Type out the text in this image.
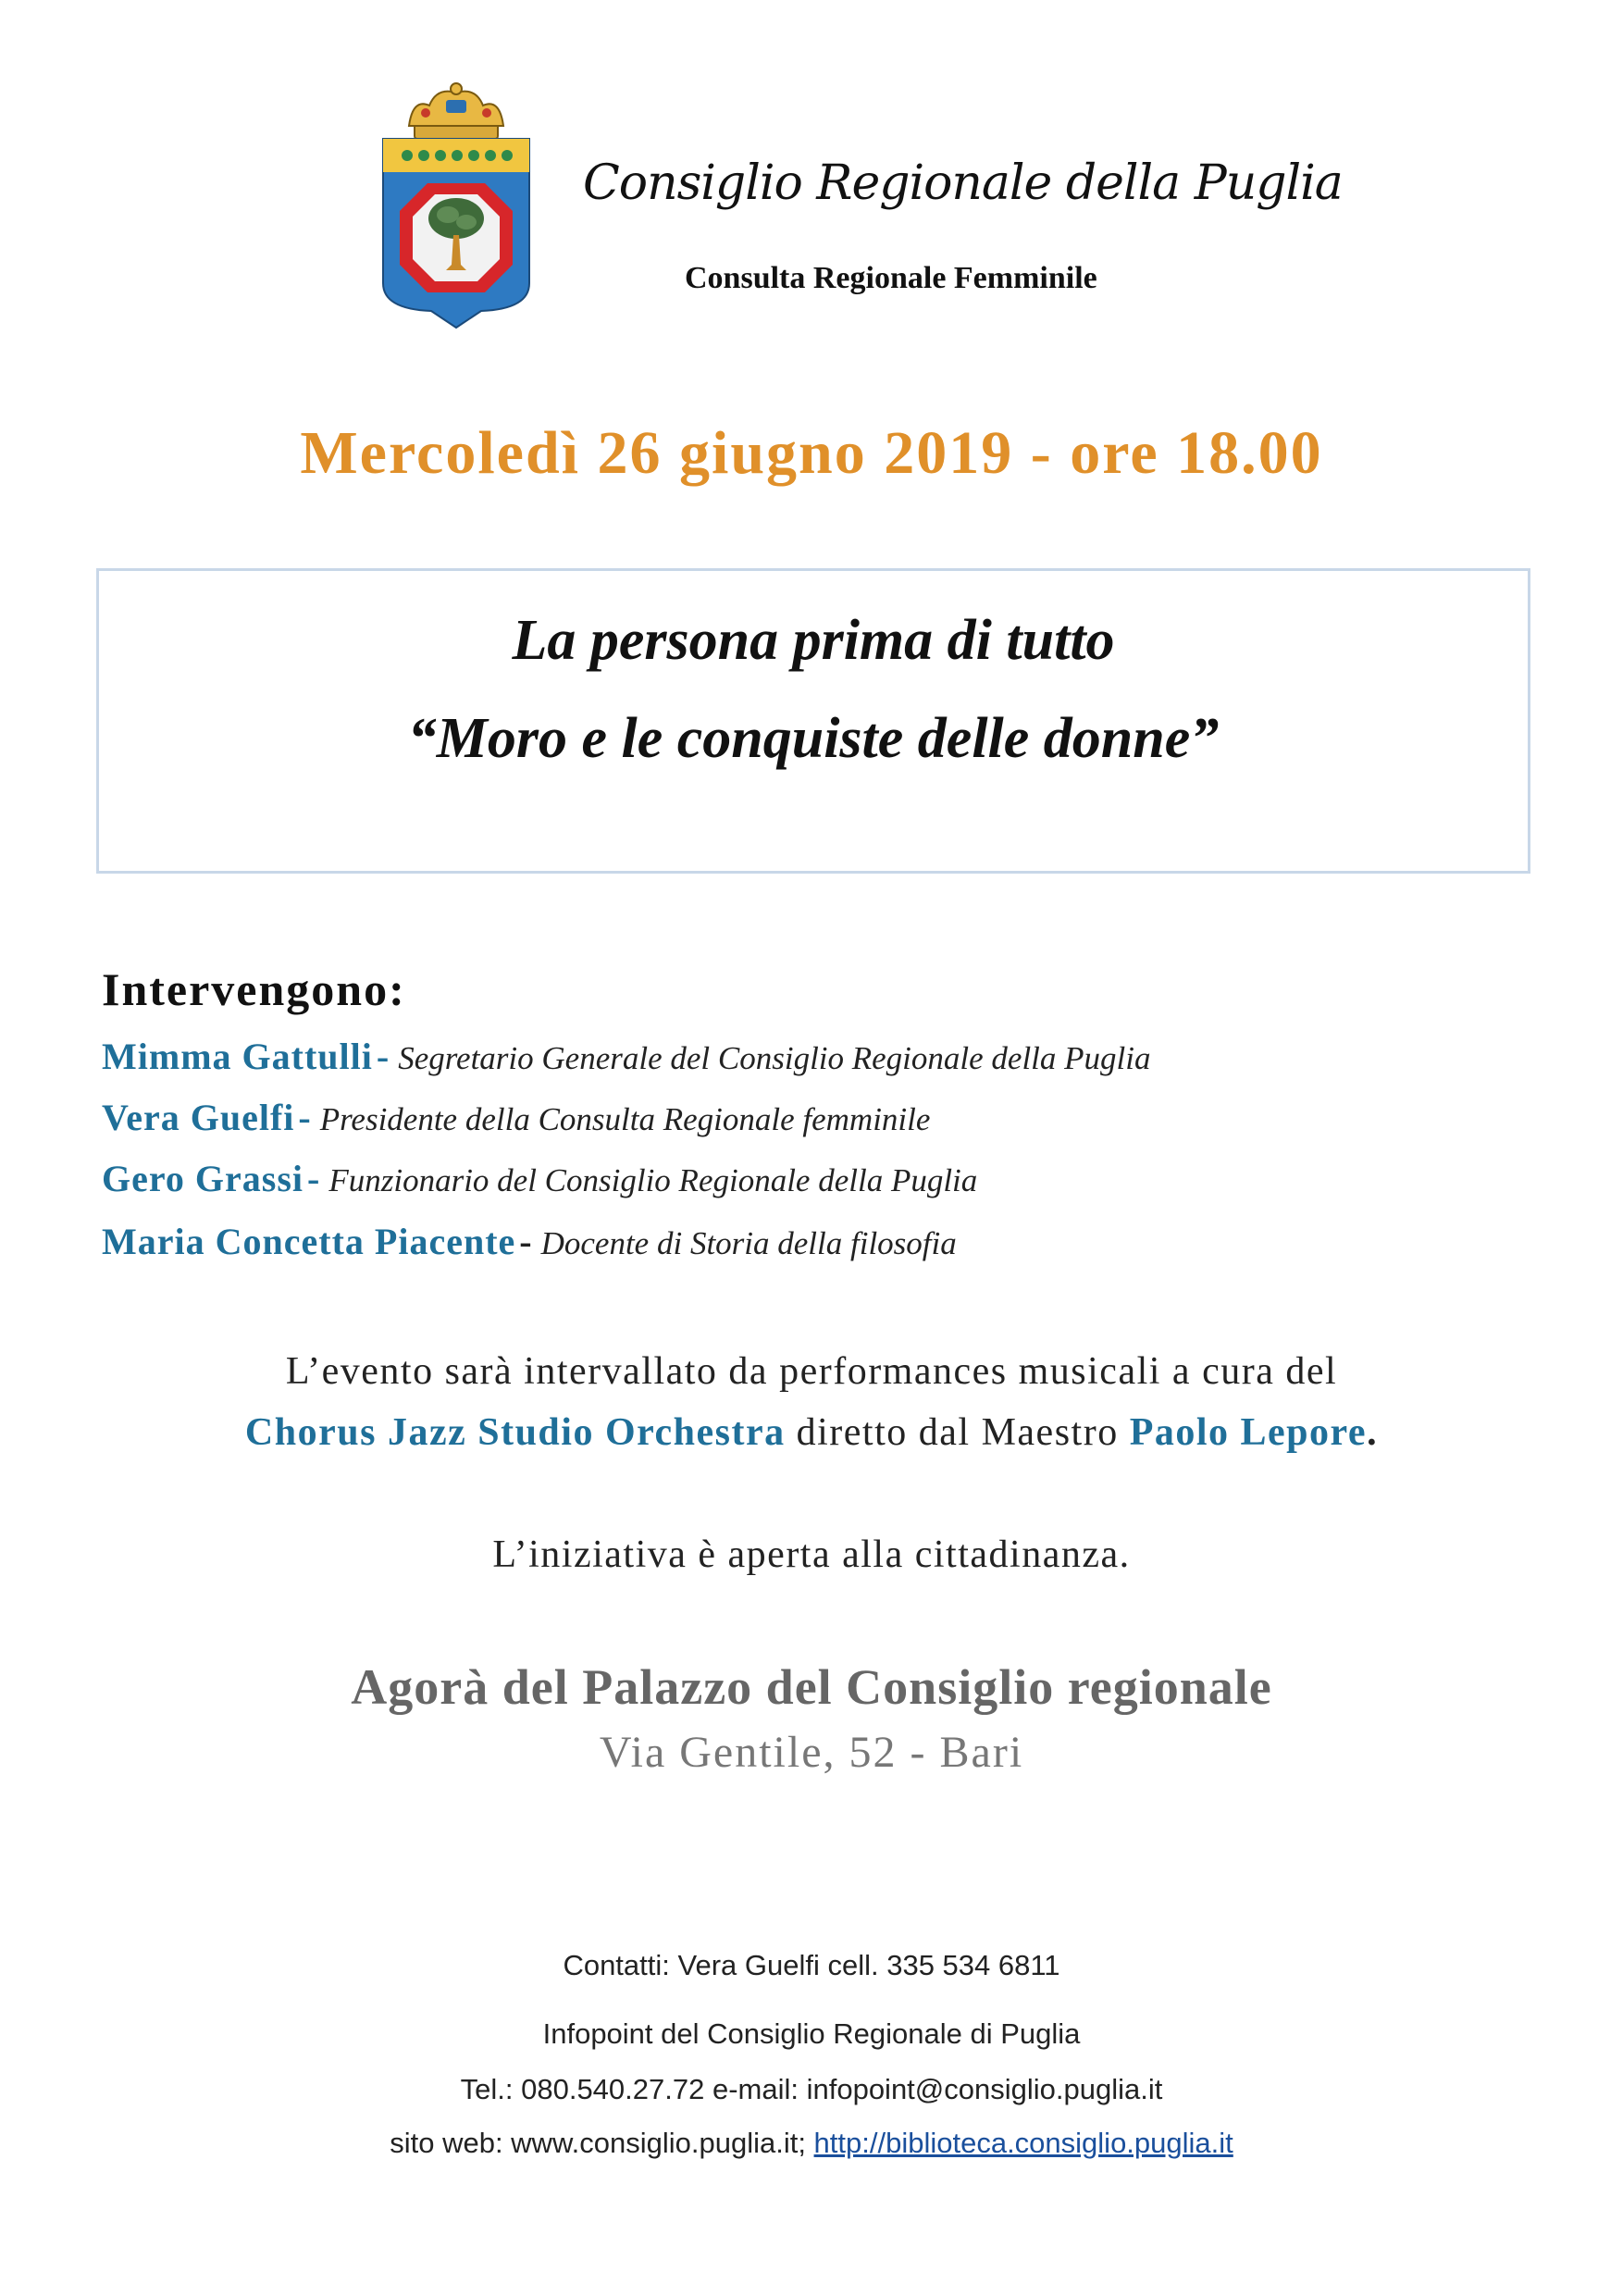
Consiglio Regionale della Puglia
Consulta Regionale Femminile
Mercoledì 26 giugno 2019 - ore 18.00
La persona prima di tutto
“Moro e le conquiste delle donne”
Intervengono:
Mimma Gattulli - Segretario Generale del Consiglio Regionale della Puglia
Vera Guelfi - Presidente della Consulta Regionale femminile
Gero Grassi - Funzionario del Consiglio Regionale della Puglia
Maria Concetta Piacente - Docente di Storia della filosofia
L’evento sarà intervallato da performances musicali a cura del
Chorus Jazz Studio Orchestra diretto dal Maestro Paolo Lepore.
L’iniziativa è aperta alla cittadinanza.
Agorà del Palazzo del Consiglio regionale
Via Gentile, 52 - Bari
Contatti: Vera Guelfi cell. 335 534 6811
Infopoint del Consiglio Regionale di Puglia
Tel.: 080.540.27.72 e-mail: infopoint@consiglio.puglia.it
sito web: www.consiglio.puglia.it; http://biblioteca.consiglio.puglia.it
